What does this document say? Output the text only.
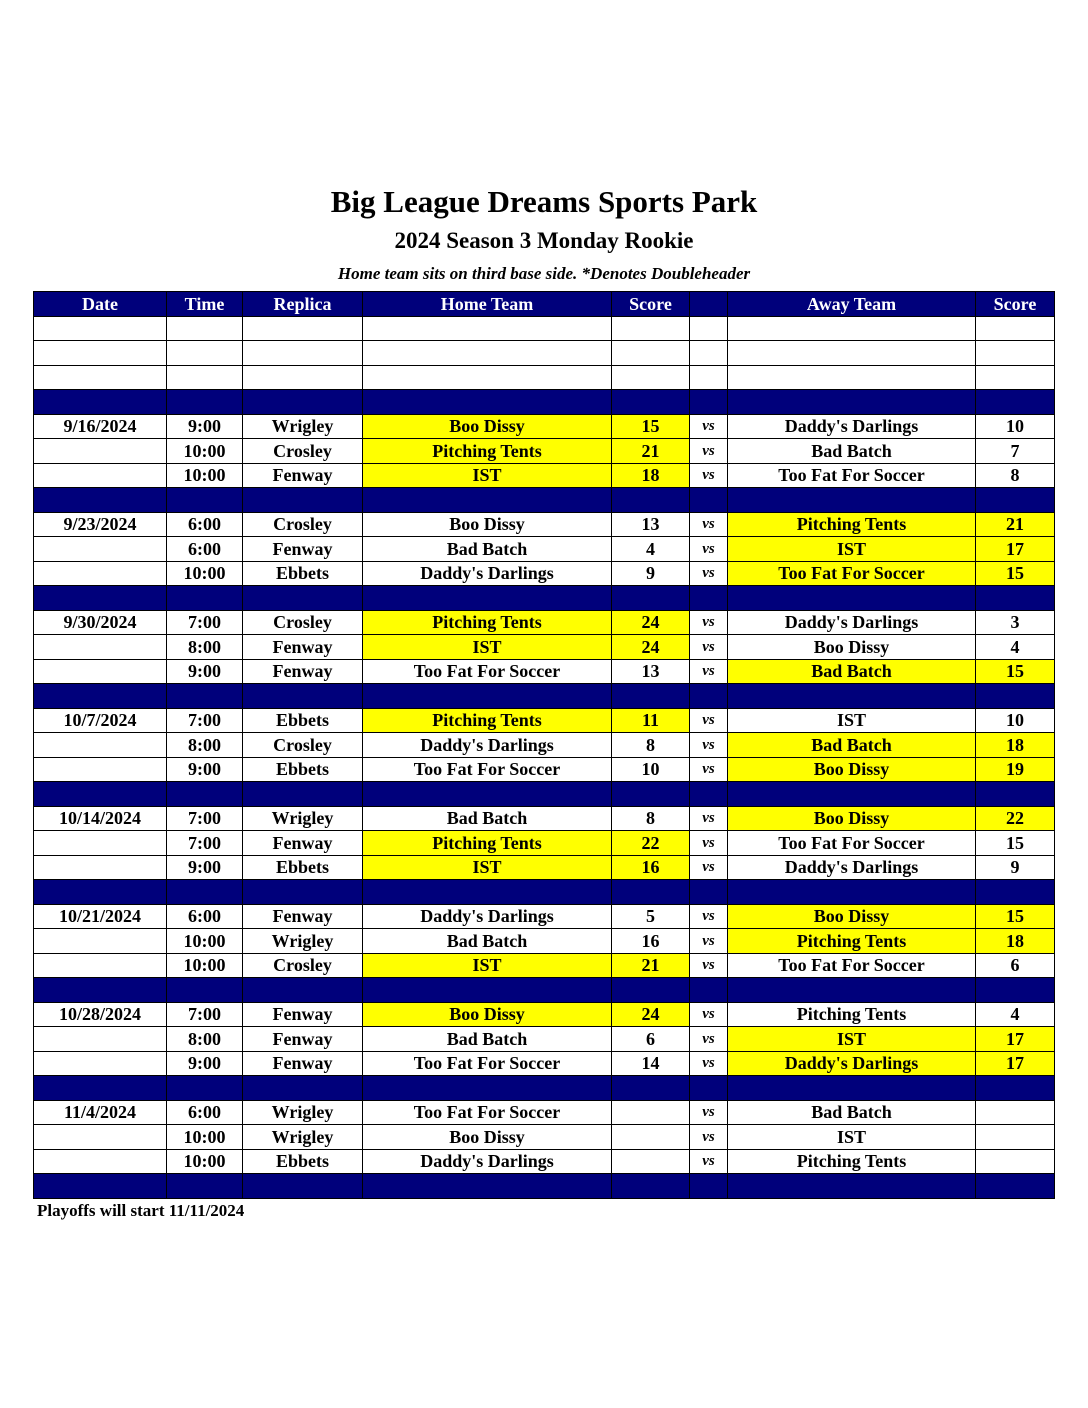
Big League Dreams Sports Park
2024 Season 3 Monday Rookie
Home team sits on third base side. *Denotes Doubleheader
Date	Time	Replica	Home Team	Score		Away Team	Score

9/16/2024	9:00	Wrigley	Boo Dissy	15	vs	Daddy's Darlings	10
	10:00	Crosley	Pitching Tents	21	vs	Bad Batch	7
	10:00	Fenway	IST	18	vs	Too Fat For Soccer	8

9/23/2024	6:00	Crosley	Boo Dissy	13	vs	Pitching Tents	21
	6:00	Fenway	Bad Batch	4	vs	IST	17
	10:00	Ebbets	Daddy's Darlings	9	vs	Too Fat For Soccer	15

9/30/2024	7:00	Crosley	Pitching Tents	24	vs	Daddy's Darlings	3
	8:00	Fenway	IST	24	vs	Boo Dissy	4
	9:00	Fenway	Too Fat For Soccer	13	vs	Bad Batch	15

10/7/2024	7:00	Ebbets	Pitching Tents	11	vs	IST	10
	8:00	Crosley	Daddy's Darlings	8	vs	Bad Batch	18
	9:00	Ebbets	Too Fat For Soccer	10	vs	Boo Dissy	19

10/14/2024	7:00	Wrigley	Bad Batch	8	vs	Boo Dissy	22
	7:00	Fenway	Pitching Tents	22	vs	Too Fat For Soccer	15
	9:00	Ebbets	IST	16	vs	Daddy's Darlings	9

10/21/2024	6:00	Fenway	Daddy's Darlings	5	vs	Boo Dissy	15
	10:00	Wrigley	Bad Batch	16	vs	Pitching Tents	18
	10:00	Crosley	IST	21	vs	Too Fat For Soccer	6

10/28/2024	7:00	Fenway	Boo Dissy	24	vs	Pitching Tents	4
	8:00	Fenway	Bad Batch	6	vs	IST	17
	9:00	Fenway	Too Fat For Soccer	14	vs	Daddy's Darlings	17

11/4/2024	6:00	Wrigley	Too Fat For Soccer		vs	Bad Batch	
	10:00	Wrigley	Boo Dissy		vs	IST	
	10:00	Ebbets	Daddy's Darlings		vs	Pitching Tents	

Playoffs will start 11/11/2024
